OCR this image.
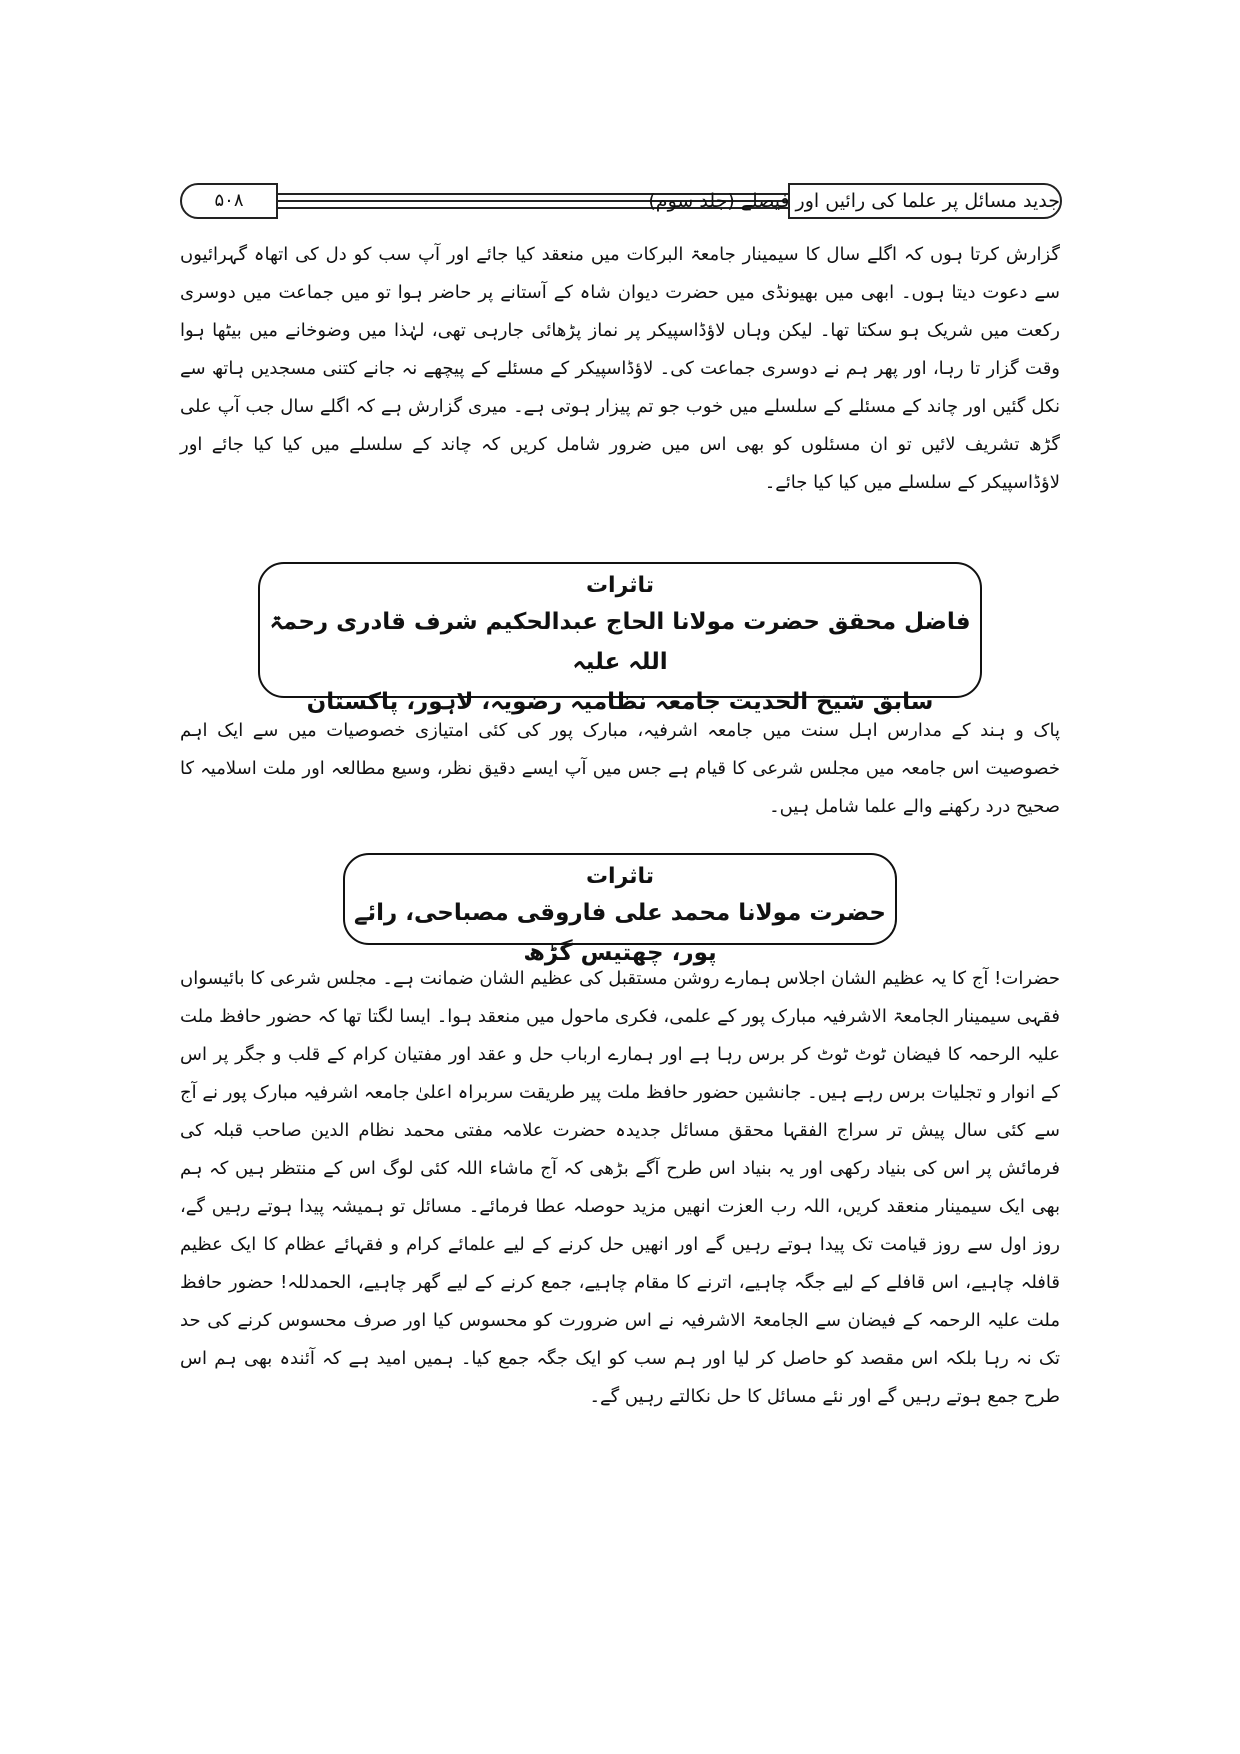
جدید مسائل پر علما کی رائیں اور فیصلے (جلد سوم)
۵۰۸

گزارش کرتا ہوں کہ اگلے سال کا سیمینار جامعۃ البرکات میں منعقد کیا جائے اور آپ سب کو دل کی اتھاہ گہرائیوں سے دعوت دیتا ہوں۔ ابھی میں بھیونڈی میں حضرت دیوان شاہ کے آستانے پر حاضر ہوا تو میں جماعت میں دوسری رکعت میں شریک ہو سکتا تھا۔ لیکن وہاں لاؤڈاسپیکر پر نماز پڑھائی جارہی تھی، لہٰذا میں وضوخانے میں بیٹھا ہوا وقت گزار تا رہا، اور پھر ہم نے دوسری جماعت کی۔ لاؤڈاسپیکر کے مسئلے کے پیچھے نہ جانے کتنی مسجدیں ہاتھ سے نکل گئیں اور چاند کے مسئلے کے سلسلے میں خوب جو تم پیزار ہوتی ہے۔ میری گزارش ہے کہ اگلے سال جب آپ علی گڑھ تشریف لائیں تو ان مسئلوں کو بھی اس میں ضرور شامل کریں کہ چاند کے سلسلے میں کیا کیا جائے اور لاؤڈاسپیکر کے سلسلے میں کیا کیا جائے۔

تاثرات
فاضل محقق حضرت مولانا الحاج عبدالحکیم شرف قادری رحمۃ اللہ علیہ
سابق شیخ الحدیث جامعہ نظامیہ رضویہ، لاہور، پاکستان

پاک و ہند کے مدارس اہل سنت میں جامعہ اشرفیہ، مبارک پور کی کئی امتیازی خصوصیات میں سے ایک اہم خصوصیت اس جامعہ میں مجلس شرعی کا قیام ہے جس میں آپ ایسے دقیق نظر، وسیع مطالعہ اور ملت اسلامیہ کا صحیح درد رکھنے والے علما شامل ہیں۔

تاثرات
حضرت مولانا محمد علی فاروقی مصباحی، رائے پور، چھتیس گڑھ

حضرات! آج کا یہ عظیم الشان اجلاس ہمارے روشن مستقبل کی عظیم الشان ضمانت ہے۔ مجلس شرعی کا بائیسواں فقہی سیمینار الجامعۃ الاشرفیہ مبارک پور کے علمی، فکری ماحول میں منعقد ہوا۔ ایسا لگتا تھا کہ حضور حافظ ملت علیہ الرحمہ کا فیضان ٹوٹ ٹوٹ کر برس رہا ہے اور ہمارے ارباب حل و عقد اور مفتیان کرام کے قلب و جگر پر اس کے انوار و تجلیات برس رہے ہیں۔ جانشین حضور حافظ ملت پیر طریقت سربراہ اعلیٰ جامعہ اشرفیہ مبارک پور نے آج سے کئی سال پیش تر سراج الفقہا محقق مسائل جدیدہ حضرت علامہ مفتی محمد نظام الدین صاحب قبلہ کی فرمائش پر اس کی بنیاد رکھی اور یہ بنیاد اس طرح آگے بڑھی کہ آج ماشاء اللہ کئی لوگ اس کے منتظر ہیں کہ ہم بھی ایک سیمینار منعقد کریں، اللہ رب العزت انھیں مزید حوصلہ عطا فرمائے۔ مسائل تو ہمیشہ پیدا ہوتے رہیں گے، روز اول سے روز قیامت تک پیدا ہوتے رہیں گے اور انھیں حل کرنے کے لیے علمائے کرام و فقہائے عظام کا ایک عظیم قافلہ چاہیے، اس قافلے کے لیے جگہ چاہیے، اترنے کا مقام چاہیے، جمع کرنے کے لیے گھر چاہیے، الحمدللہ! حضور حافظ ملت علیہ الرحمہ کے فیضان سے الجامعۃ الاشرفیہ نے اس ضرورت کو محسوس کیا اور صرف محسوس کرنے کی حد تک نہ رہا بلکہ اس مقصد کو حاصل کر لیا اور ہم سب کو ایک جگہ جمع کیا۔ ہمیں امید ہے کہ آئندہ بھی ہم اس طرح جمع ہوتے رہیں گے اور نئے مسائل کا حل نکالتے رہیں گے۔
